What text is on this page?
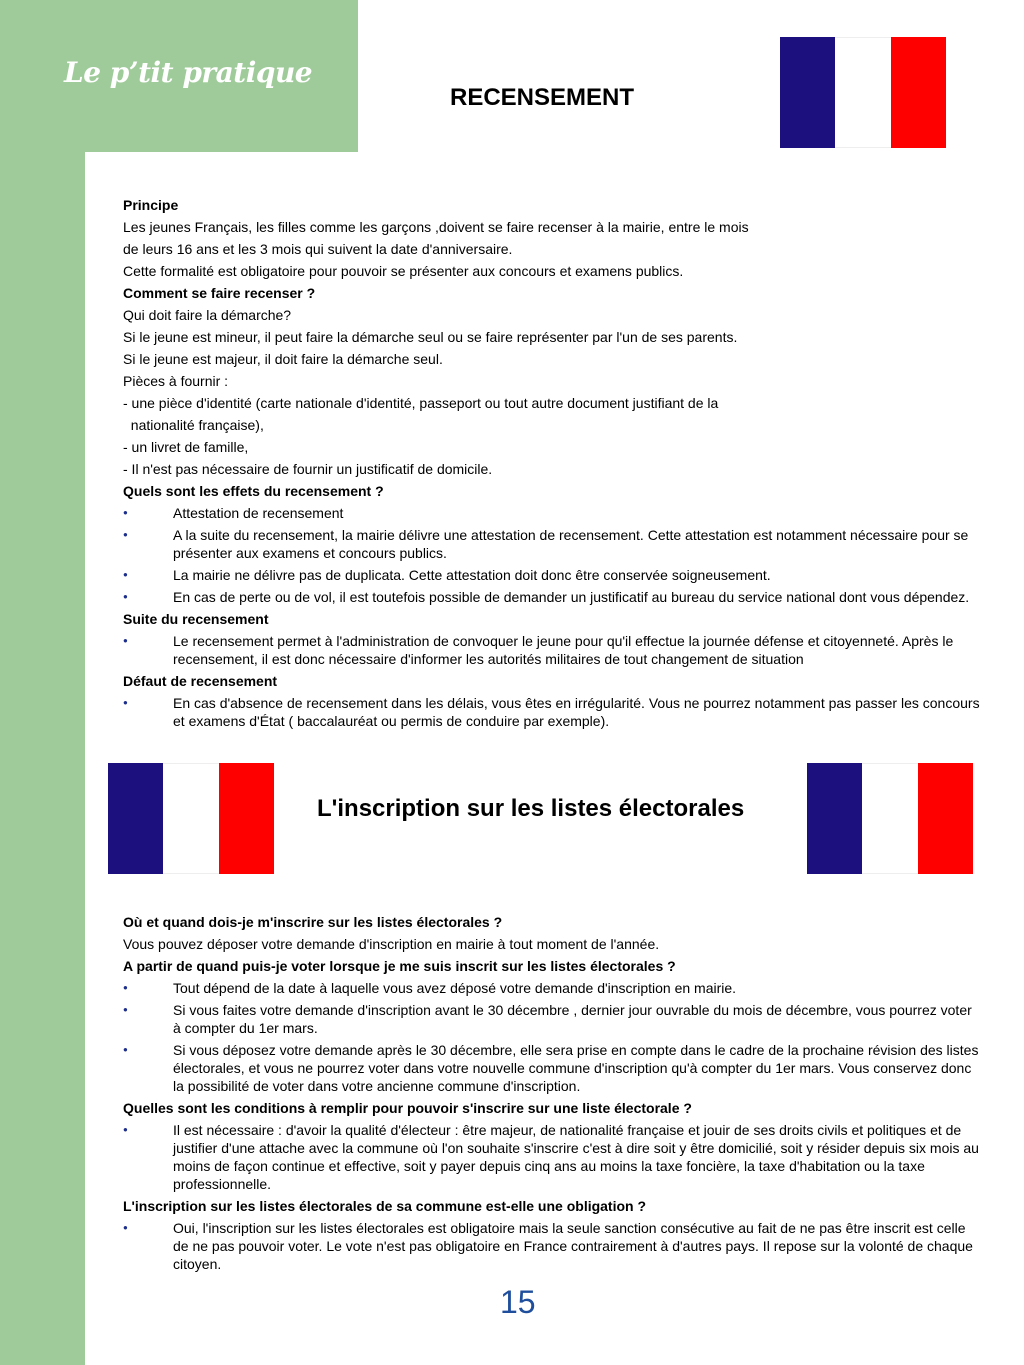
Le p’tit pratique
RECENSEMENT

Principe

Les jeunes Français, les filles comme les garçons ,doivent se faire recenser à la mairie, entre le mois

de leurs 16 ans et les 3 mois qui suivent la date d'anniversaire.

Cette formalité est obligatoire pour pouvoir se présenter aux concours et examens publics.

Comment se faire recenser ?

Qui doit faire la démarche?

Si le jeune est mineur, il peut faire la démarche seul ou se faire représenter par l'un de ses parents.

Si le jeune est majeur, il doit faire la démarche seul.

Pièces à fournir :

- une pièce d'identité (carte nationale d'identité, passeport ou tout autre document justifiant de la

nationalité française),

- un livret de famille,

- Il n'est pas nécessaire de fournir un justificatif de domicile.

Quels sont les effets du recensement ?

● Attestation de recensement
● A la suite du recensement, la mairie délivre une attestation de recensement. Cette attestation est notamment nécessaire pour se présenter aux examens et concours publics.
● La mairie ne délivre pas de duplicata. Cette attestation doit donc être conservée soigneusement.
● En cas de perte ou de vol, il est toutefois possible de demander un justificatif au bureau du service national dont vous dépendez.

Suite du recensement

● Le recensement permet à l'administration de convoquer le jeune pour qu'il effectue la journée défense et citoyenneté. Après le recensement, il est donc nécessaire d'informer les autorités militaires de tout changement de situation

Défaut de recensement

● En cas d'absence de recensement dans les délais, vous êtes en irrégularité. Vous ne pourrez notamment pas passer les concours et examens d'État ( baccalauréat ou permis de conduire par exemple).
L'inscription sur les listes électorales

Où et quand dois-je m'inscrire sur les listes électorales ?

Vous pouvez déposer votre demande d'inscription en mairie à tout moment de l'année.

A partir de quand puis-je voter lorsque je me suis inscrit sur les listes électorales ?

● Tout dépend de la date à laquelle vous avez déposé votre demande d'inscription en mairie.
● Si vous faites votre demande d'inscription avant le 30 décembre , dernier jour ouvrable du mois de décembre, vous pourrez voter à compter du 1er mars.
● Si vous déposez votre demande après le 30 décembre, elle sera prise en compte dans le cadre de la prochaine révision des listes électorales, et vous ne pourrez voter dans votre nouvelle commune d'inscription qu'à compter du 1er mars. Vous conservez donc la possibilité de voter dans votre ancienne commune d'inscription.

Quelles sont les conditions à remplir pour pouvoir s'inscrire sur une liste électorale ?

● Il est nécessaire : d'avoir la qualité d'électeur : être majeur, de nationalité française et jouir de ses droits civils et politiques et de justifier d'une attache avec la commune où l'on souhaite s'inscrire c'est à dire soit y être domicilié, soit y résider depuis six mois au moins de façon continue et effective, soit y payer depuis cinq ans au moins la taxe foncière, la taxe d'habitation ou la taxe professionnelle.

L'inscription sur les listes électorales de sa commune est-elle une obligation ?

● Oui, l'inscription sur les listes électorales est obligatoire mais la seule sanction consécutive au fait de ne pas être inscrit est celle de ne pas pouvoir voter. Le vote n'est pas obligatoire en France contrairement à d'autres pays. Il repose sur la volonté de chaque citoyen.

15
